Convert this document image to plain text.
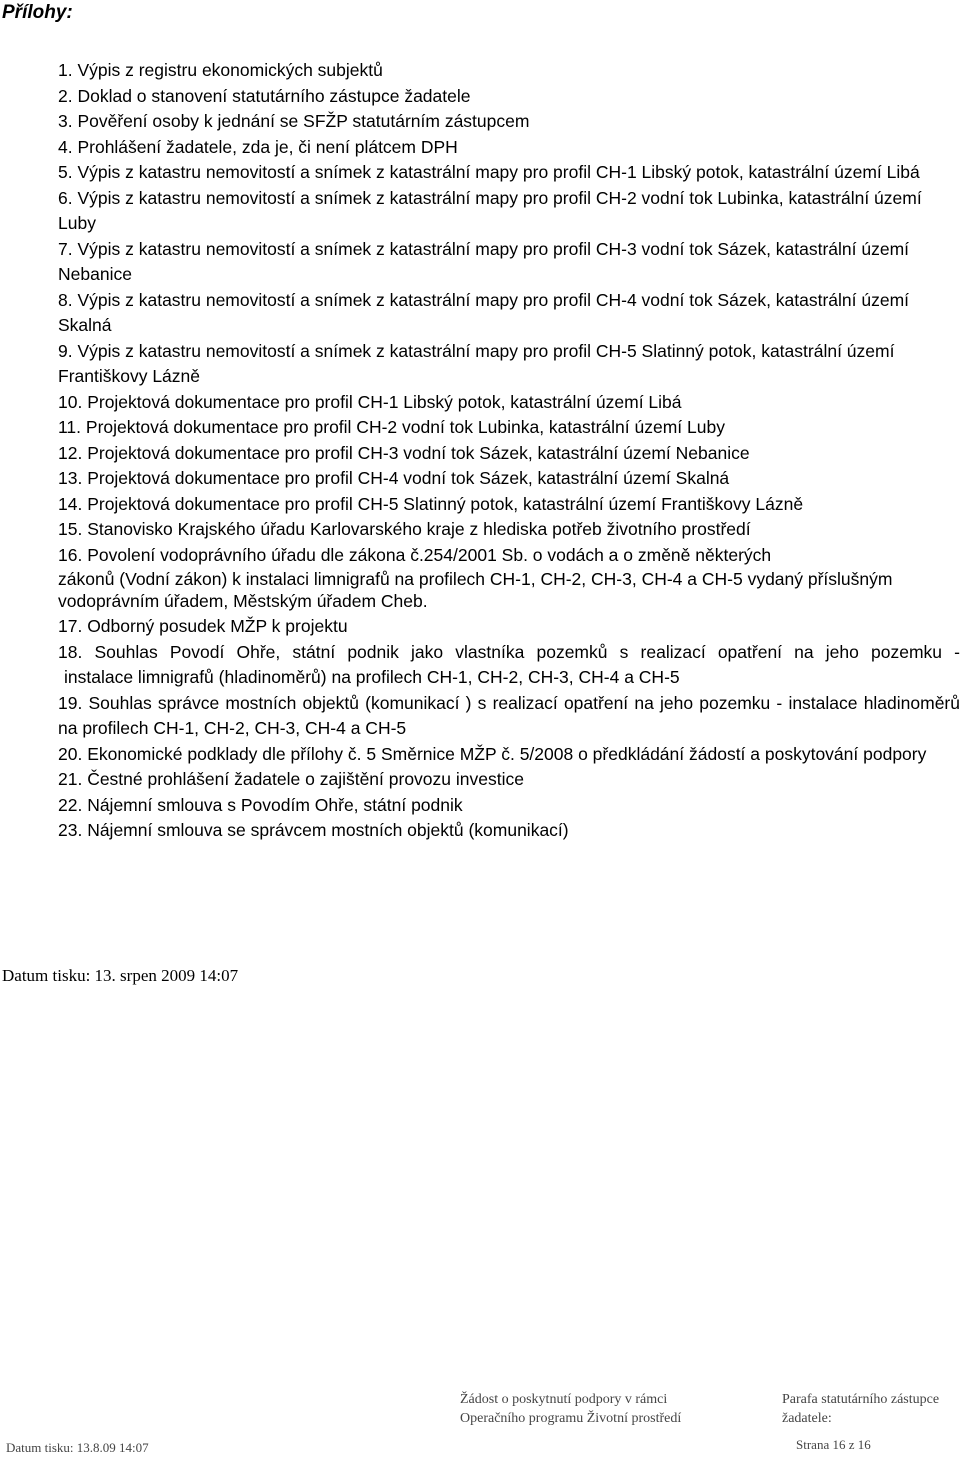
Přílohy:
1. Výpis z registru ekonomických subjektů
2. Doklad o stanovení statutárního zástupce žadatele
3. Pověření osoby k jednání se SFŽP statutárním zástupcem
4. Prohlášení žadatele, zda je, či není plátcem DPH
5. Výpis z katastru nemovitostí a snímek z katastrální mapy pro profil CH-1 Libský potok, katastrální území Libá
6. Výpis z katastru nemovitostí a snímek z katastrální mapy pro profil CH-2 vodní tok Lubinka, katastrální území Luby
7. Výpis z katastru nemovitostí a snímek z katastrální mapy pro profil CH-3 vodní tok Sázek, katastrální území Nebanice
8. Výpis z katastru nemovitostí a snímek z katastrální mapy pro profil CH-4 vodní tok Sázek, katastrální území Skalná
9. Výpis z katastru nemovitostí a snímek z katastrální mapy pro profil CH-5 Slatinný potok, katastrální území Františkovy Lázně
10. Projektová dokumentace pro profil CH-1 Libský potok, katastrální území Libá
11. Projektová dokumentace pro profil CH-2 vodní tok Lubinka, katastrální území Luby
12. Projektová dokumentace pro profil CH-3 vodní tok Sázek, katastrální území Nebanice
13. Projektová dokumentace pro profil CH-4 vodní tok Sázek, katastrální území Skalná
14. Projektová dokumentace pro profil CH-5 Slatinný potok, katastrální území Františkovy Lázně
15. Stanovisko Krajského úřadu Karlovarského kraje z hlediska potřeb životního prostředí
16. Povolení vodoprávního úřadu dle zákona č.254/2001 Sb. o vodách a o změně některých
zákonů (Vodní zákon) k instalaci limnigrafů na profilech CH-1, CH-2, CH-3, CH-4 a CH-5 vydaný příslušným vodoprávním úřadem, Městským úřadem Cheb.
17. Odborný posudek MŽP k projektu
18. Souhlas Povodí Ohře, státní podnik jako vlastníka pozemků s realizací opatření na jeho pozemku -
instalace limnigrafů (hladinoměrů) na profilech CH-1, CH-2, CH-3, CH-4 a CH-5
19. Souhlas správce mostních objektů (komunikací ) s realizací opatření na jeho pozemku - instalace hladinoměrů na profilech CH-1, CH-2, CH-3, CH-4 a CH-5
20. Ekonomické podklady dle přílohy č. 5 Směrnice MŽP č. 5/2008 o předkládání žádostí a poskytování podpory
21. Čestné prohlášení žadatele o zajištění provozu investice
22. Nájemní smlouva s Povodím Ohře, státní podnik
23. Nájemní smlouva se správcem mostních objektů (komunikací)
Datum tisku: 13. srpen 2009 14:07
Žádost o poskytnutí podpory v rámci
Operačního programu Životní prostředí
Parafa statutárního zástupce
žadatele:
Datum tisku: 13.8.09 14:07	Strana 16 z 16
